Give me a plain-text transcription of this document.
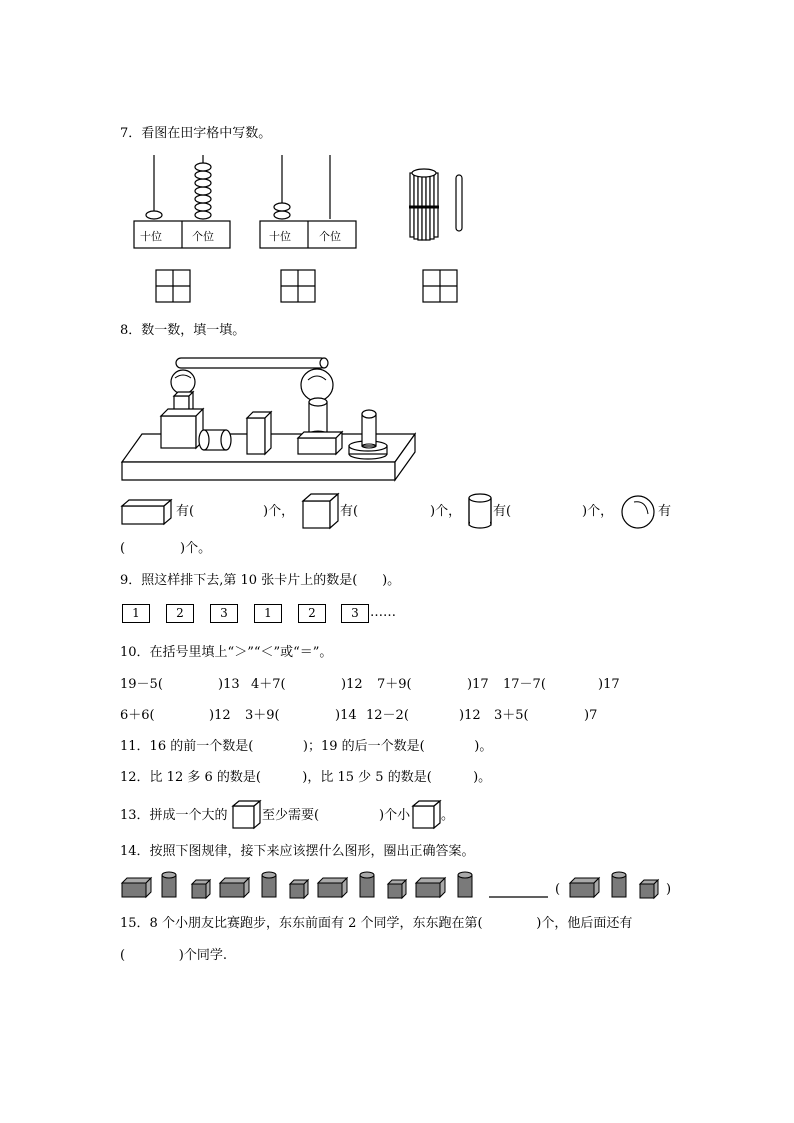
7．看图在田字格中写数。
十位	个位	十位	个位
8．数一数，填一填。
有(	)个，	有(	)个， 有(	)个，	有
(	)个。
9．照这样排下去,第 10 张卡片上的数是(      )。
1	2	3	1	2	3 ……
10．在括号里填上“＞”“＜”或“＝”。
19－5(	)13 4＋7(	)12 7＋9(	)17 17－7(	)17
6＋6(	)12 3＋9(	)14 12－2(	)12 3＋5(	)7
11．16 的前一个数是(            )；19 的后一个数是(            )。
12．比 12 多 6 的数是(          )，比 15 少 5 的数是(          )。
13．拼成一个大的	至少需要(	)个小 。
14．按照下图规律，接下来应该摆什么图形，圈出正确答案。
(	)
15．8 个小朋友比赛跑步，东东前面有 2 个同学，东东跑在第(             )个，他后面还有
(             )个同学.
